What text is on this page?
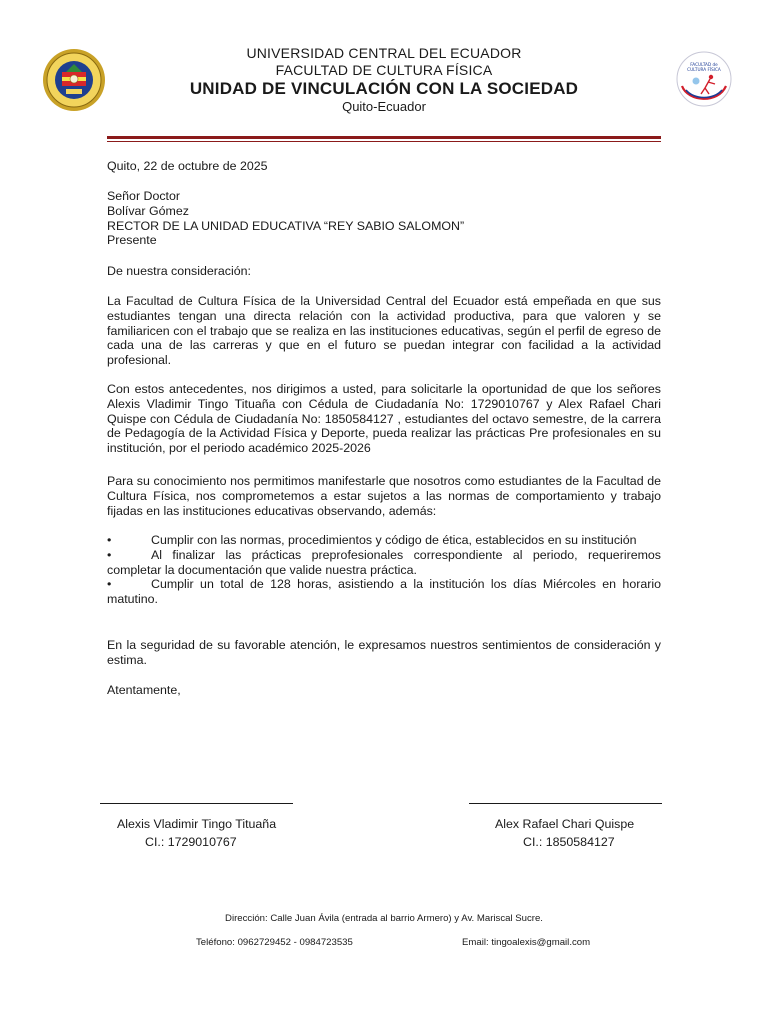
FACULTAD de
CULTURA FÍSICA
UNIVERSIDAD CENTRAL DEL ECUADOR
FACULTAD DE CULTURA FÍSICA
UNIDAD DE VINCULACIÓN CON LA SOCIEDAD
Quito-Ecuador
Quito, 22 de octubre de 2025
Señor Doctor
Bolívar Gómez
RECTOR DE LA UNIDAD EDUCATIVA “REY SABIO SALOMON”
Presente
De nuestra consideración:

La Facultad de Cultura Física de la Universidad Central del Ecuador está empeñada en que sus estudiantes tengan una directa relación con la actividad productiva, para que valoren y se familiaricen con el trabajo que se realiza en las instituciones educativas, según el perfil de egreso de cada una de las carreras y que en el futuro se puedan integrar con facilidad a la actividad profesional.

Con estos antecedentes, nos dirigimos a usted, para solicitarle la oportunidad de que los señores Alexis Vladimir Tingo Tituaña con Cédula de Ciudadanía No: 1729010767 y Alex Rafael Chari Quispe con Cédula de Ciudadanía No: 1850584127 , estudiantes del octavo semestre, de la carrera de Pedagogía de la Actividad Física y Deporte, pueda realizar las prácticas Pre profesionales en su institución, por el periodo académico 2025-2026

Para su conocimiento nos permitimos manifestarle que nosotros como estudiantes de la Facultad de Cultura Física, nos comprometemos a estar sujetos a las normas de comportamiento y trabajo fijadas en las instituciones educativas observando, además:

•	Cumplir con las normas, procedimientos y código de ética, establecidos en su institución
•	Al finalizar las prácticas preprofesionales correspondiente al periodo, requeriremos

completar la documentación que valide nuestra práctica.

•	Cumplir un total de 128 horas, asistiendo a la institución los días Miércoles en horario

matutino.

En la seguridad de su favorable atención, le expresamos nuestros sentimientos de consideración y estima.

Atentamente,
Alexis Vladimir Tingo Tituaña
CI.: 1729010767
Alex Rafael Chari Quispe
CI.: 1850584127
Dirección: Calle Juan Ávila (entrada al barrio Armero) y Av. Mariscal Sucre.
Teléfono: 0962729452 - 0984723535	Email: tingoalexis@gmail.com
